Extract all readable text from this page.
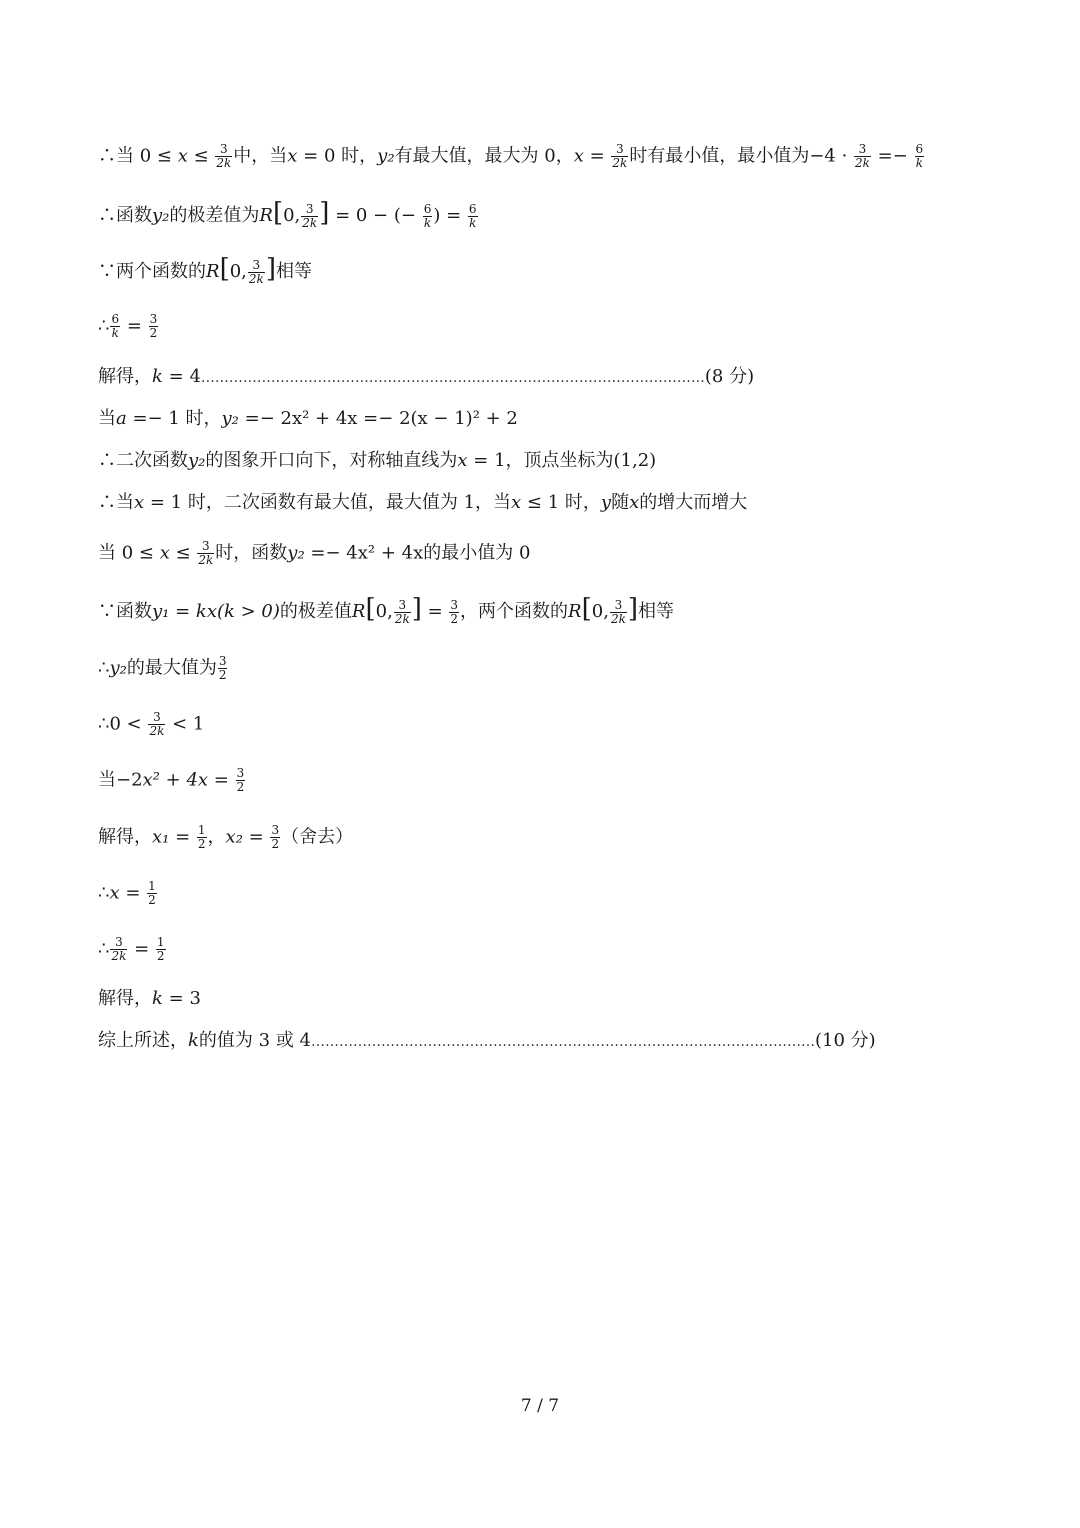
∴当 $0 \le x \le \frac{3}{2k}$ 中，当x = 0 时，y₂有最大值，最大为 0，$x = \frac{3}{2k}$ 时有最小值，最小值为$-4 \cdot \frac{3}{2k} =- \frac{6}{k}$
∴函数y₂的极差值为R[0, $\frac{3}{2k}$ ] = 0 − (− $\frac{6}{k}$ ) = $\frac{6}{k}$
∵两个函数的R[0, $\frac{3}{2k}$ ]相等
∴ $\frac{6}{k} = \frac{3}{2}$
解得，k = 4………………………………………………………………………………………………(8 分)
当a =− 1 时，y₂ =− 2x² + 4x =− 2(x − 1)² + 2
∴二次函数y₂的图象开口向下，对称轴直线为x = 1，顶点坐标为(1,2)
∴当x = 1 时，二次函数有最大值，最大值为 1，当x ≤ 1 时，y随x的增大而增大
当 $0 \le x \le \frac{3}{2k}$ 时，函数y₂ =− 4x² + 4x的最小值为 0
∵函数y₁ = kx(k > 0)的极差值R[0, $\frac{3}{2k}$ ] = $\frac{3}{2}$ ，两个函数的R[0, $\frac{3}{2k}$ ]相等
∴y₂的最大值为 $\frac{3}{2}$
∴0 < $\frac{3}{2k} < 1$
当$-2x^2 + 4x = \frac{3}{2}$
解得，$x_1 = \frac{1}{2}$ ，$x_2 = \frac{3}{2}$ （舍去）
∴x = $\frac{1}{2}$
∴ $\frac{3}{2k} = \frac{1}{2}$
解得，k = 3
综上所述，k的值为 3 或 4………………………………………………………………………………………………(10 分)
7 / 7
